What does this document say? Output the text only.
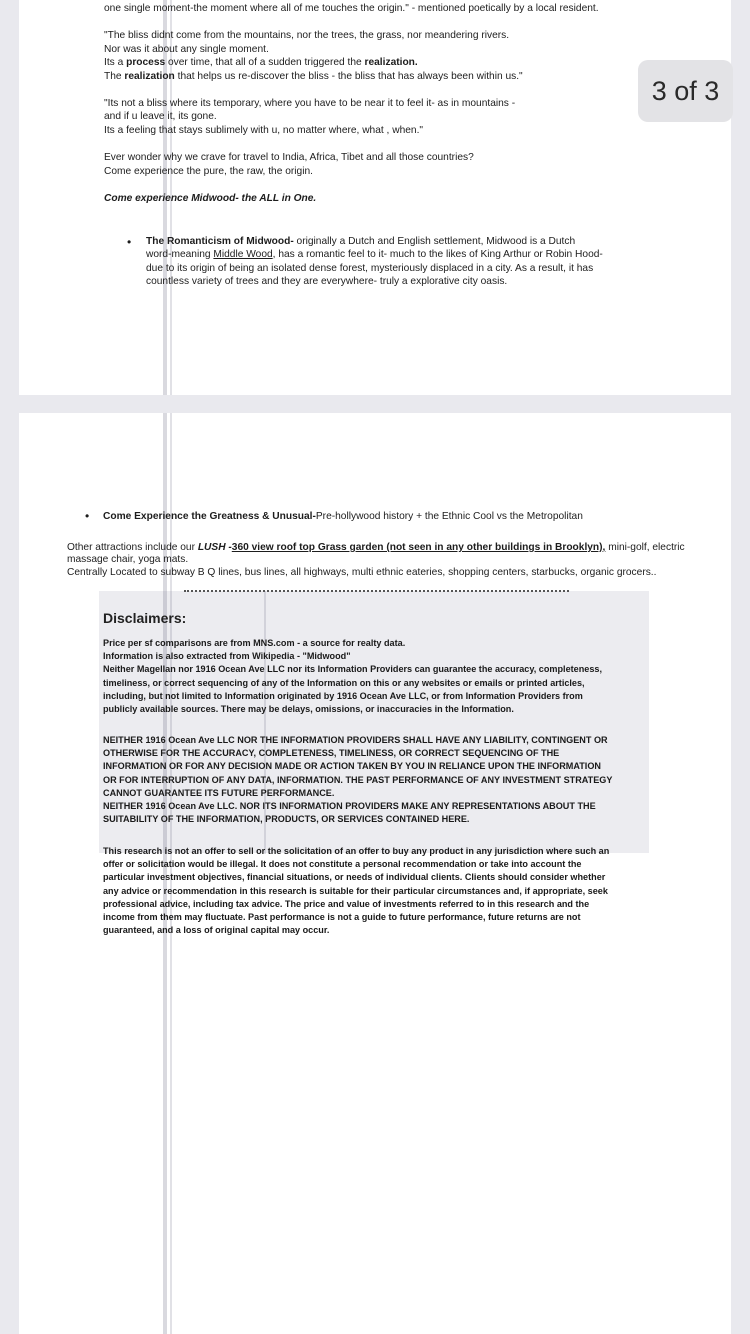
one single moment-the moment where all of me touches the origin." - mentioned poetically by a local resident.

"The bliss didnt come from the mountains, nor the trees, the grass, nor meandering rivers.

Nor was it about any single moment.

Its a process over time, that all of a sudden triggered the realization.

The realization that helps us re-discover the bliss - the bliss that has always been within us."

"Its not a bliss where its temporary, where you have to be near it to feel it- as in mountains -

and if u leave it, its gone.

Its a feeling that stays sublimely with u, no matter where, what , when."

Ever wonder why we crave for travel to India, Africa, Tibet and all those countries?

Come experience the pure, the raw, the origin.

Come experience Midwood- the ALL in One.

• The Romanticism of Midwood- originally a Dutch and English settlement, Midwood is a Dutch
word-meaning Middle Wood, has a romantic feel to it- much to the likes of King Arthur or Robin Hood-
due to its origin of being an isolated dense forest, mysteriously displaced in a city. As a result, it has
countless variety of trees and they are everywhere- truly a explorative city oasis.
3 of 3
• Come Experience the Greatness & Unusual-Pre-hollywood history + the Ethnic Cool vs the Metropolitan
Other attractions include our LUSH -360 view roof top Grass garden (not seen in any other buildings in Brooklyn), mini-golf, electric
massage chair, yoga mats.
Centrally Located to subway B Q lines, bus lines, all highways, multi ethnic eateries, shopping centers, starbucks, organic grocers..
Disclaimers:

Price per sf comparisons are from MNS.com - a source for realty data.

Information is also extracted from Wikipedia - "Midwood"

Neither Magellan nor 1916 Ocean Ave LLC nor its Information Providers can guarantee the accuracy, completeness,

timeliness, or correct sequencing of any of the Information on this or any websites or emails or printed articles,

including, but not limited to Information originated by 1916 Ocean Ave LLC, or from Information Providers from

publicly available sources. There may be delays, omissions, or inaccuracies in the Information.

NEITHER 1916 Ocean Ave LLC NOR THE INFORMATION PROVIDERS SHALL HAVE ANY LIABILITY, CONTINGENT OR

OTHERWISE FOR THE ACCURACY, COMPLETENESS, TIMELINESS, OR CORRECT SEQUENCING OF THE

INFORMATION OR FOR ANY DECISION MADE OR ACTION TAKEN BY YOU IN RELIANCE UPON THE INFORMATION

OR FOR INTERRUPTION OF ANY DATA, INFORMATION. THE PAST PERFORMANCE OF ANY INVESTMENT STRATEGY

CANNOT GUARANTEE ITS FUTURE PERFORMANCE.

NEITHER 1916 Ocean Ave LLC. NOR ITS INFORMATION PROVIDERS MAKE ANY REPRESENTATIONS ABOUT THE

SUITABILITY OF THE INFORMATION, PRODUCTS, OR SERVICES CONTAINED HERE.

This research is not an offer to sell or the solicitation of an offer to buy any product in any jurisdiction where such an

offer or solicitation would be illegal. It does not constitute a personal recommendation or take into account the

particular investment objectives, financial situations, or needs of individual clients. Clients should consider whether

any advice or recommendation in this research is suitable for their particular circumstances and, if appropriate, seek

professional advice, including tax advice. The price and value of investments referred to in this research and the

income from them may fluctuate. Past performance is not a guide to future performance, future returns are not

guaranteed, and a loss of original capital may occur.
